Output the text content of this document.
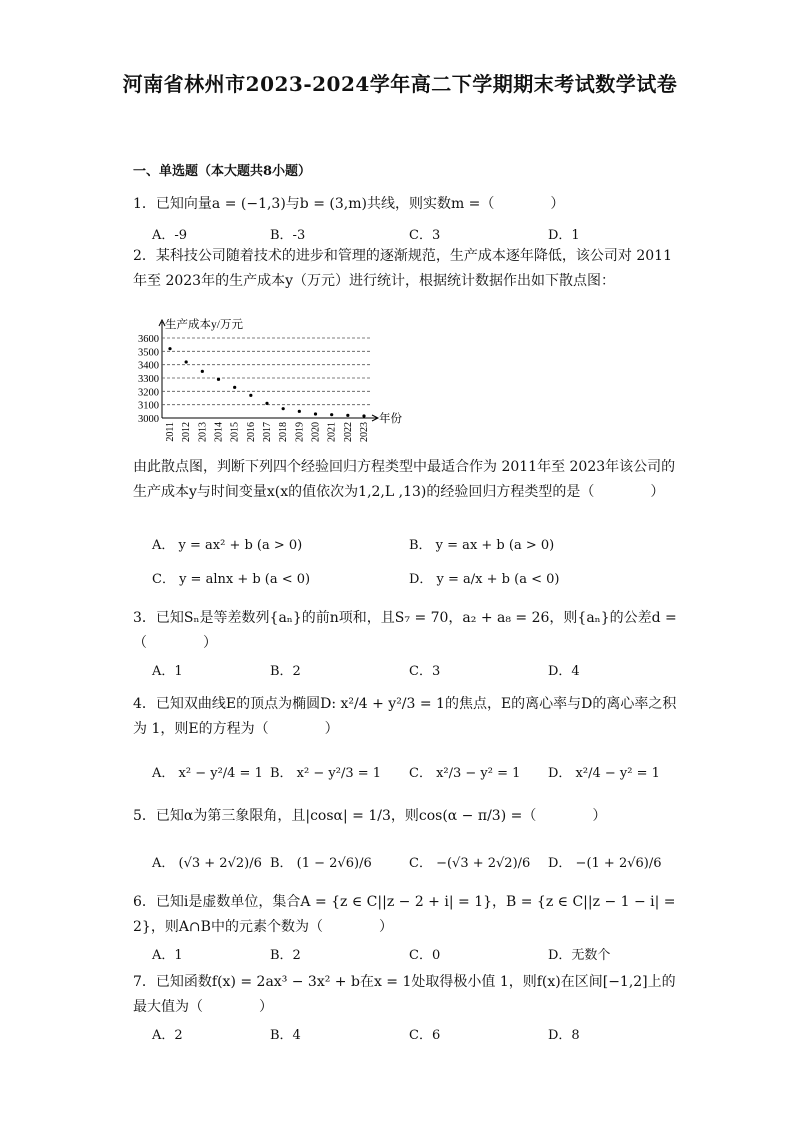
河南省林州市2023-2024学年高二下学期期末考试数学试卷
一、单选题（本大题共8小题）
1．已知向量a = (−1,3)与b = (3,m)共线，则实数m =（　　　　）
A．-9	B．-3	C．3	D．1
2．某科技公司随着技术的进步和管理的逐渐规范，生产成本逐年降低，该公司对 2011年至 2023年的生产成本y（万元）进行统计，根据统计数据作出如下散点图：
3600
3500
3400
3300
3200
3100
3000
生产成本y/万元
年份
2011 2012 2013 2014 2015 2016 2017 2018 2019 2020 2021 2022 2023
由此散点图，判断下列四个经验回归方程类型中最适合作为 2011年至 2023年该公司的生产成本y与时间变量x(x的值依次为1,2,L ,13)的经验回归方程类型的是（　　　　）
A． y = ax² + b (a > 0)	B． y = ax + b (a > 0)
C． y = alnx + b (a < 0)	D． y = a/x + b (a < 0)
3．已知Sₙ是等差数列{aₙ}的前n项和，且S₇ = 70，a₂ + a₈ = 26，则{aₙ}的公差d =（　　　　）
A．1	B．2	C．3	D．4
4．已知双曲线E的顶点为椭圆D: x²/4 + y²/3 = 1的焦点，E的离心率与D的离心率之积为 1，则E的方程为（　　　　）
A． x² − y²/4 = 1 B． x² − y²/3 = 1 C． x²/3 − y² = 1 D． x²/4 − y² = 1
5．已知α为第三象限角，且|cosα| = 1/3，则cos(α − π/3) =（　　　　）
A． (√3 + 2√2)/6 B． (1 − 2√6)/6	C． −(√3 + 2√2)/6 D． −(1 + 2√6)/6
6．已知i是虚数单位，集合A = {z ∈ C||z − 2 + i| = 1}，B = {z ∈ C||z − 1 − i| = 2}，则A∩B中的元素个数为（　　　　）
A．1	B．2	C．0	D．无数个
7．已知函数f(x) = 2ax³ − 3x² + b在x = 1处取得极小值 1，则f(x)在区间[−1,2]上的最大值为（　　　　）
A．2	B．4	C．6	D．8
